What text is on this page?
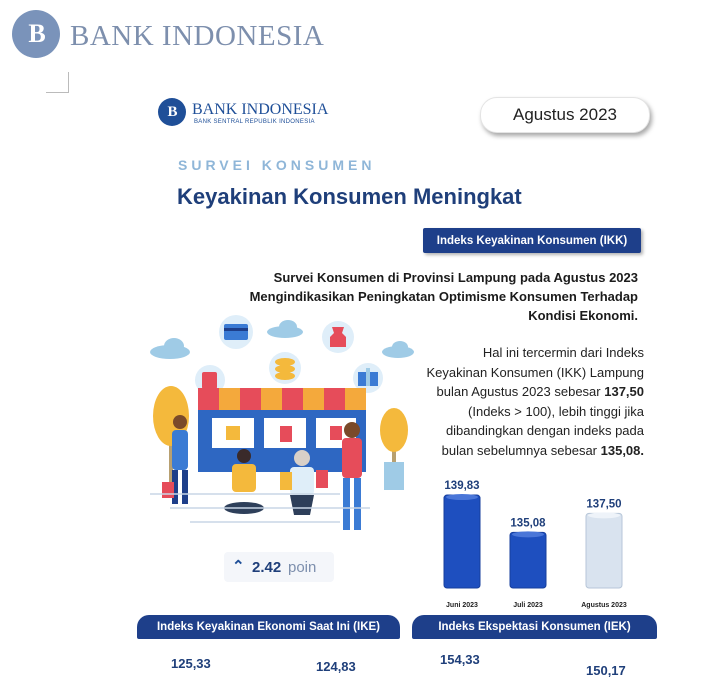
B BANK INDONESIA
B BANK INDONESIA
BANK SENTRAL REPUBLIK INDONESIA	Agustus 2023
SURVEI KONSUMEN
Keyakinan Konsumen Meningkat
Indeks Keyakinan Konsumen (IKK)
Survei Konsumen di Provinsi Lampung pada Agustus 2023
Mengindikasikan Peningkatan Optimisme Konsumen Terhadap
Kondisi Ekonomi.
Hal ini tercermin dari Indeks
Keyakinan Konsumen (IKK) Lampung
bulan Agustus 2023 sebesar 137,50
(Indeks > 100), lebih tinggi jika
dibandingkan dengan indeks pada
bulan sebelumnya sebesar 135,08.
139,83
Juni 2023
135,08
Juli 2023
137,50
Agustus 2023
⌃ 2.42 poin
Indeks Keyakinan Ekonomi Saat Ini (IKE)	Indeks Ekspektasi Konsumen (IEK)
125,33	124,83	154,33
150,17
